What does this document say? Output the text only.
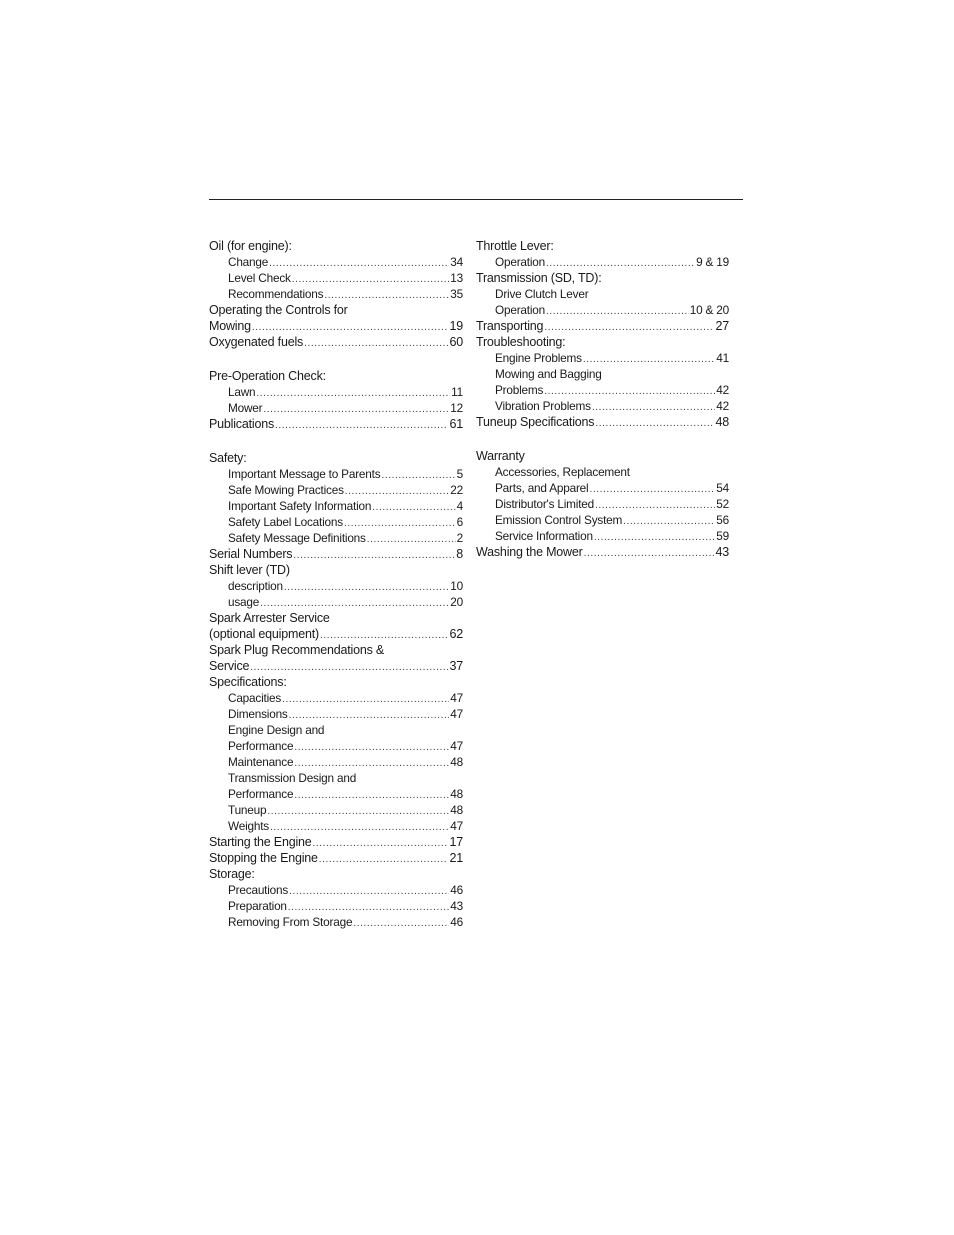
Oil (for engine):
Change .....	34
Level Check .....	13
Recommendations .....	35
Operating the Controls for
Mowing .....	19
Oxygenated fuels .....	60
Pre-Operation Check:
Lawn .....	11
Mower .....	12
Publications .....	61
Safety:
Important Message to Parents .....	5
Safe Mowing Practices .....	22
Important Safety Information .....	4
Safety Label Locations .....	6
Safety Message Definitions .....	2
Serial Numbers .....	8
Shift lever (TD)
description .....	10
usage .....	20
Spark Arrester Service
(optional equipment) .....	62
Spark Plug Recommendations &
Service .....	37
Specifications:
Capacities .....	47
Dimensions .....	47
Engine Design and
Performance .....	47
Maintenance .....	48
Transmission Design and
Performance .....	48
Tuneup .....	48
Weights .....	47
Starting the Engine .....	17
Stopping the Engine .....	21
Storage:
Precautions .....	46
Preparation .....	43
Removing From Storage .....	46
Throttle Lever:
Operation .....	9 & 19
Transmission (SD, TD):
Drive Clutch Lever
Operation .....	10 & 20
Transporting .....	27
Troubleshooting:
Engine Problems .....	41
Mowing and Bagging
Problems .....	42
Vibration Problems .....	42
Tuneup Specifications .....	48
Warranty
Accessories, Replacement
Parts, and Apparel .....	54
Distributor's Limited .....	52
Emission Control System .....	56
Service Information .....	59
Washing the Mower .....	43
